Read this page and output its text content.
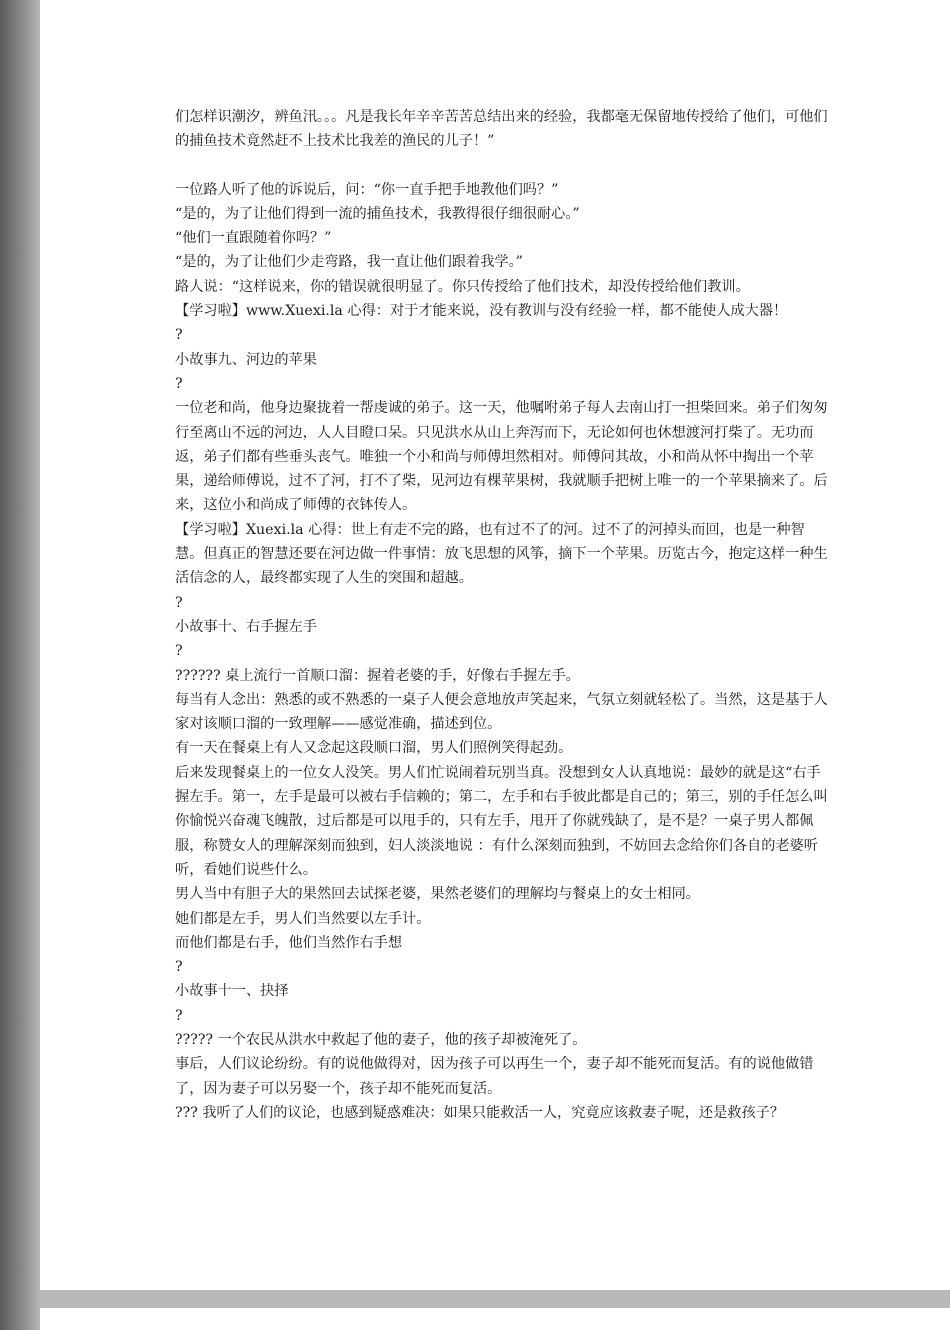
们怎样识潮汐，辨鱼汛。。。凡是我长年辛辛苦苦总结出来的经验，我都毫无保留地传授给了他们，可他们的捕鱼技术竟然赶不上技术比我差的渔民的儿子！”

一位路人听了他的诉说后，问：“你一直手把手地教他们吗？”

“是的，为了让他们得到一流的捕鱼技术，我教得很仔细很耐心。”

“他们一直跟随着你吗？”

“是的，为了让他们少走弯路，我一直让他们跟着我学。”

路人说：“这样说来，你的错误就很明显了。你只传授给了他们技术，却没传授给他们教训。

【学习啦】www.Xuexi.la 心得：对于才能来说，没有教训与没有经验一样，都不能使人成大器！

?

小故事九、河边的苹果

?

一位老和尚，他身边聚拢着一帮虔诚的弟子。这一天，他嘱咐弟子每人去南山打一担柴回来。弟子们匆匆行至离山不远的河边，人人目瞪口呆。只见洪水从山上奔泻而下，无论如何也休想渡河打柴了。无功而返，弟子们都有些垂头丧气。唯独一个小和尚与师傅坦然相对。师傅问其故，小和尚从怀中掏出一个苹果，递给师傅说，过不了河，打不了柴，见河边有棵苹果树，我就顺手把树上唯一的一个苹果摘来了。后来，这位小和尚成了师傅的衣钵传人。

【学习啦】Xuexi.la 心得：世上有走不完的路，也有过不了的河。过不了的河掉头而回，也是一种智慧。但真正的智慧还要在河边做一件事情：放飞思想的风筝，摘下一个苹果。历览古今，抱定这样一种生活信念的人，最终都实现了人生的突围和超越。

?

小故事十、右手握左手

?

?????? 桌上流行一首顺口溜：握着老婆的手，好像右手握左手。

每当有人念出：熟悉的或不熟悉的一桌子人便会意地放声笑起来，气氛立刻就轻松了。当然，这是基于人家对该顺口溜的一致理解——感觉准确，描述到位。

有一天在餐桌上有人又念起这段顺口溜，男人们照例笑得起劲。

后来发现餐桌上的一位女人没笑。男人们忙说闹着玩别当真。没想到女人认真地说：最妙的就是这“右手握左手。第一，左手是最可以被右手信赖的；第二，左手和右手彼此都是自己的；第三，别的手任怎么叫你愉悦兴奋魂飞魄散，过后都是可以甩手的，只有左手，甩开了你就残缺了，是不是？一桌子男人都佩服，称赞女人的理解深刻而独到，妇人淡淡地说 ：有什么深刻而独到，不妨回去念给你们各自的老婆听听，看她们说些什么。

男人当中有胆子大的果然回去试探老婆，果然老婆们的理解均与餐桌上的女士相同。

她们都是左手，男人们当然要以左手计。

而他们都是右手，他们当然作右手想

?

小故事十一、抉择

?

????? 一个农民从洪水中救起了他的妻子，他的孩子却被淹死了。

事后，人们议论纷纷。有的说他做得对，因为孩子可以再生一个，妻子却不能死而复活。有的说他做错了，因为妻子可以另娶一个，孩子却不能死而复活。

??? 我听了人们的议论，也感到疑惑难决：如果只能救活一人，究竟应该救妻子呢，还是救孩子？
